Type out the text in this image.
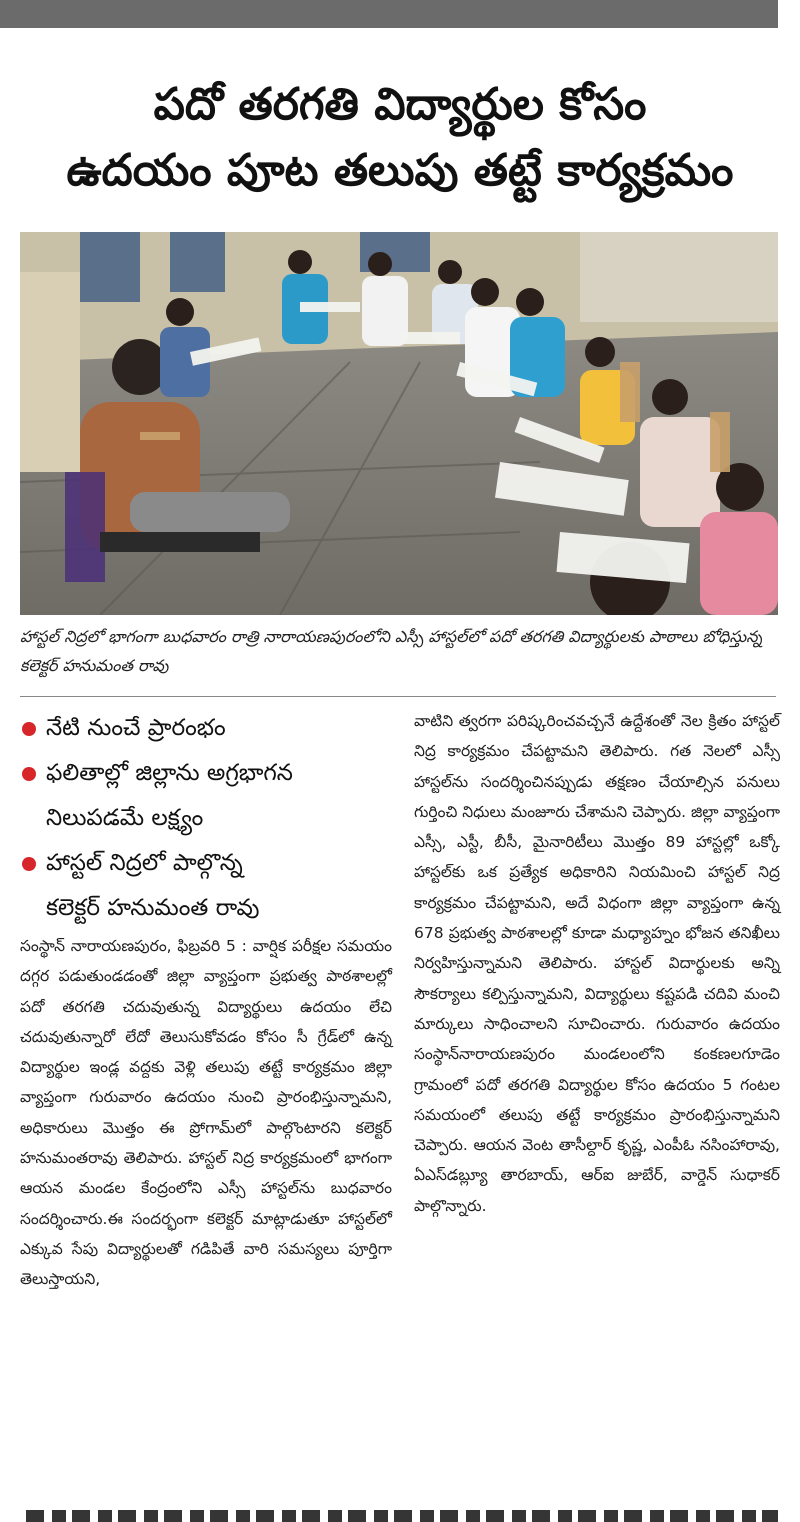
పదో తరగతి విద్యార్థుల కోసం
ఉదయం పూట తలుపు తట్టే కార్యక్రమం

హాస్టల్ నిద్రలో భాగంగా బుధవారం రాత్రి నారాయణపురంలోని ఎస్సీ హాస్టల్‌లో పదో తరగతి విద్యార్థులకు పాఠాలు బోధిస్తున్న కలెక్టర్ హనుమంత రావు

నేటి నుంచే ప్రారంభం
ఫలితాల్లో జిల్లాను అగ్రభాగన
నిలుపడమే లక్ష్యం
హాస్టల్ నిద్రలో పాల్గొన్న
కలెక్టర్ హనుమంత రావు

సంస్థాన్ నారాయణపురం, ఫిబ్రవరి 5 : వార్షిక పరీక్షల సమయం దగ్గర పడుతుండడంతో జిల్లా వ్యాప్తంగా ప్రభుత్వ పాఠశాలల్లో పదో తరగతి చదువుతున్న విద్యార్థులు ఉదయం లేచి చదువుతున్నారో లేదో తెలుసుకోవడం కోసం సీ గ్రేడ్‌లో ఉన్న విద్యార్థుల ఇండ్ల వద్దకు వెళ్లి తలుపు తట్టే కార్యక్రమం జిల్లా వ్యాప్తంగా గురువారం ఉదయం నుంచి ప్రారంభిస్తున్నామని, అధికారులు మొత్తం ఈ ప్రోగామ్‌లో పాల్గొంటారని కలెక్టర్ హనుమంతరావు తెలిపారు. హాస్టల్ నిద్ర కార్యక్రమంలో భాగంగా ఆయన మండల కేంద్రంలోని ఎస్సీ హాస్టల్‌ను బుధవారం సందర్శించారు.ఈ సందర్భంగా కలెక్టర్ మాట్లాడుతూ హాస్టల్‌లో ఎక్కువ సేపు విద్యార్థులతో గడిపితే వారి సమస్యలు పూర్తిగా తెలుస్తాయని,

వాటిని త్వరగా పరిష్కరించవచ్చనే ఉద్దేశంతో నెల క్రితం హాస్టల్ నిద్ర కార్యక్రమం చేపట్టామని తెలిపారు. గత నెలలో ఎస్సీ హాస్టల్‌ను సందర్శించినప్పుడు తక్షణం చేయాల్సిన పనులు గుర్తించి నిధులు మంజూరు చేశామని చెప్పారు. జిల్లా వ్యాప్తంగా ఎస్సీ, ఎస్టీ, బీసీ, మైనారిటీలు మొత్తం 89 హాస్టల్లో ఒక్కో హాస్టల్‌కు ఒక ప్రత్యేక అధికారిని నియమించి హాస్టల్ నిద్ర కార్యక్రమం చేపట్టామని, అదే విధంగా జిల్లా వ్యాప్తంగా ఉన్న 678 ప్రభుత్వ పాఠశాలల్లో కూడా మధ్యాహ్నం భోజన తనిఖీలు నిర్వహిస్తున్నామని తెలిపారు. హాస్టల్ విదార్థులకు అన్ని సౌకర్యాలు కల్పిస్తున్నామని, విద్యార్థులు కష్టపడి చదివి మంచి మార్కులు సాధించాలని సూచించారు. గురువారం ఉదయం సంస్థాన్‌నారాయణపురం మండలంలోని కంకణలగూడెం గ్రామంలో పదో తరగతి విద్యార్థుల కోసం ఉదయం 5 గంటల సమయంలో తలుపు తట్టే కార్యక్రమం ప్రారంభిస్తున్నామని చెప్పారు. ఆయన వెంట తాసీల్దార్ కృష్ణ, ఎంపీఓ నసింహారావు, ఏఎస్‌డబ్ల్యూ తారబాయ్, ఆర్‌ఐ జుబేర్, వార్డెన్ సుధాకర్ పాల్గొన్నారు.
